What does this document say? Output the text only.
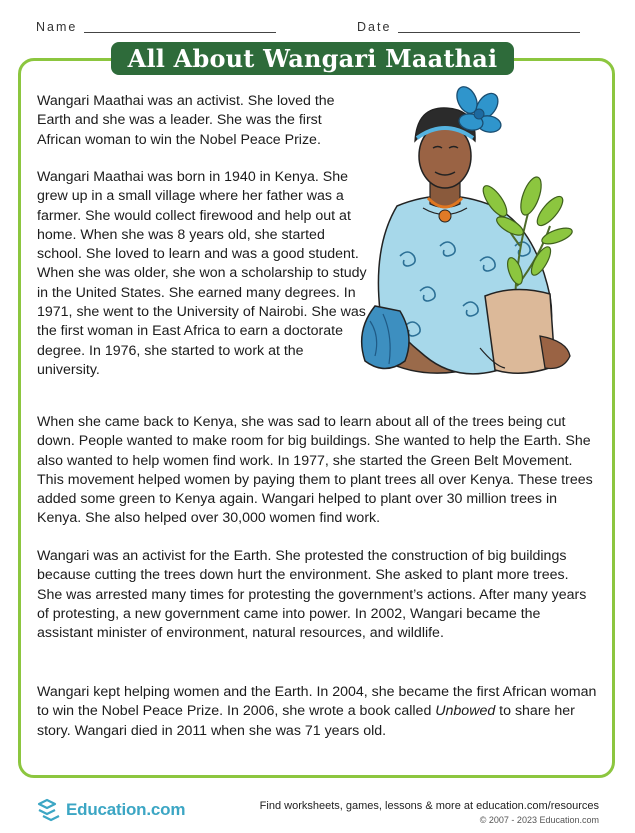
Name	Date
All About Wangari Maathai

Wangari Maathai was an activist. She loved the Earth and she was a leader. She was the first African woman to win the Nobel Peace Prize.

Wangari Maathai was born in 1940 in Kenya. She grew up in a small village where her father was a farmer. She would collect firewood and help out at home. When she was 8 years old, she started school. She loved to learn and was a good student. When she was older, she won a scholarship to study in the United States. She earned many degrees. In 1971, she went to the University of Nairobi. She was the first woman in East Africa to earn a doctorate degree. In 1976, she started to work at the university.

When she came back to Kenya, she was sad to learn about all of the trees being cut down. People wanted to make room for big buildings. She wanted to help the Earth. She also wanted to help women find work. In 1977, she started the Green Belt Movement. This movement helped women by paying them to plant trees all over Kenya. These trees added some green to Kenya again. Wangari helped to plant over 30 million trees in Kenya. She also helped over 30,000 women find work.

Wangari was an activist for the Earth. She protested the construction of big buildings because cutting the trees down hurt the environment. She asked to plant more trees. She was arrested many times for protesting the government’s actions. After many years of protesting, a new government came into power. In 2002, Wangari became the assistant minister of environment, natural resources, and wildlife.

Wangari kept helping women and the Earth. In 2004, she became the first African woman to win the Nobel Peace Prize. In 2006, she wrote a book called Unbowed to share her story. Wangari died in 2011 when she was 71 years old.

Education.com	Find worksheets, games, lessons & more at education.com/resources
© 2007 - 2023 Education.com
